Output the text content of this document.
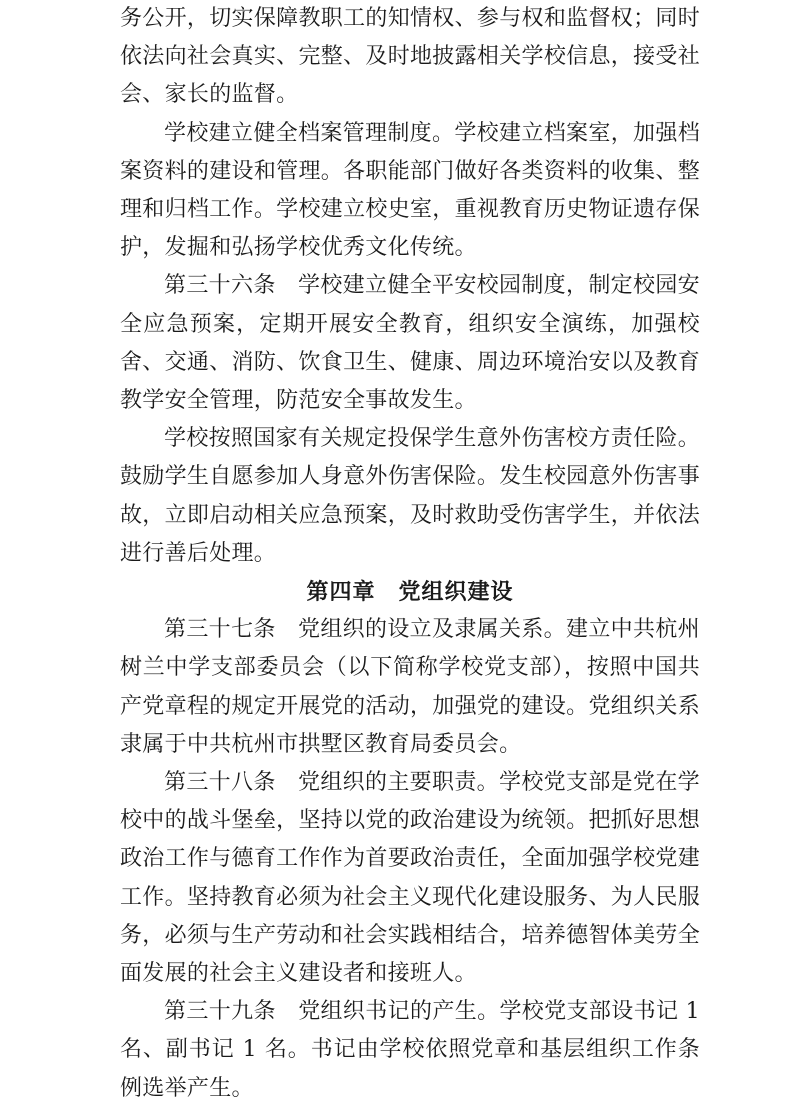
务公开，切实保障教职工的知情权、参与权和监督权；同时依法向社会真实、完整、及时地披露相关学校信息，接受社会、家长的监督。

学校建立健全档案管理制度。学校建立档案室，加强档案资料的建设和管理。各职能部门做好各类资料的收集、整理和归档工作。学校建立校史室，重视教育历史物证遗存保护，发掘和弘扬学校优秀文化传统。

第三十六条　 学校建立健全平安校园制度，制定校园安全应急预案，定期开展安全教育，组织安全演练，加强校舍、交通、消防、饮食卫生、健康、周边环境治安以及教育教学安全管理，防范安全事故发生。

学校按照国家有关规定投保学生意外伤害校方责任险。鼓励学生自愿参加人身意外伤害保险。发生校园意外伤害事故，立即启动相关应急预案，及时救助受伤害学生，并依法进行善后处理。

第四章　党组织建设

第三十七条　 党组织的设立及隶属关系。建立中共杭州树兰中学支部委员会（以下简称学校党支部），按照中国共产党章程的规定开展党的活动，加强党的建设。党组织关系隶属于中共杭州市拱墅区教育局委员会。

第三十八条　 党组织的主要职责。学校党支部是党在学校中的战斗堡垒，坚持以党的政治建设为统领。把抓好思想政治工作与德育工作作为首要政治责任，全面加强学校党建工作。坚持教育必须为社会主义现代化建设服务、为人民服务，必须与生产劳动和社会实践相结合，培养德智体美劳全面发展的社会主义建设者和接班人。

第三十九条　 党组织书记的产生。学校党支部设书记 1 名、副书记 1 名。书记由学校依照党章和基层组织工作条例选举产生。
